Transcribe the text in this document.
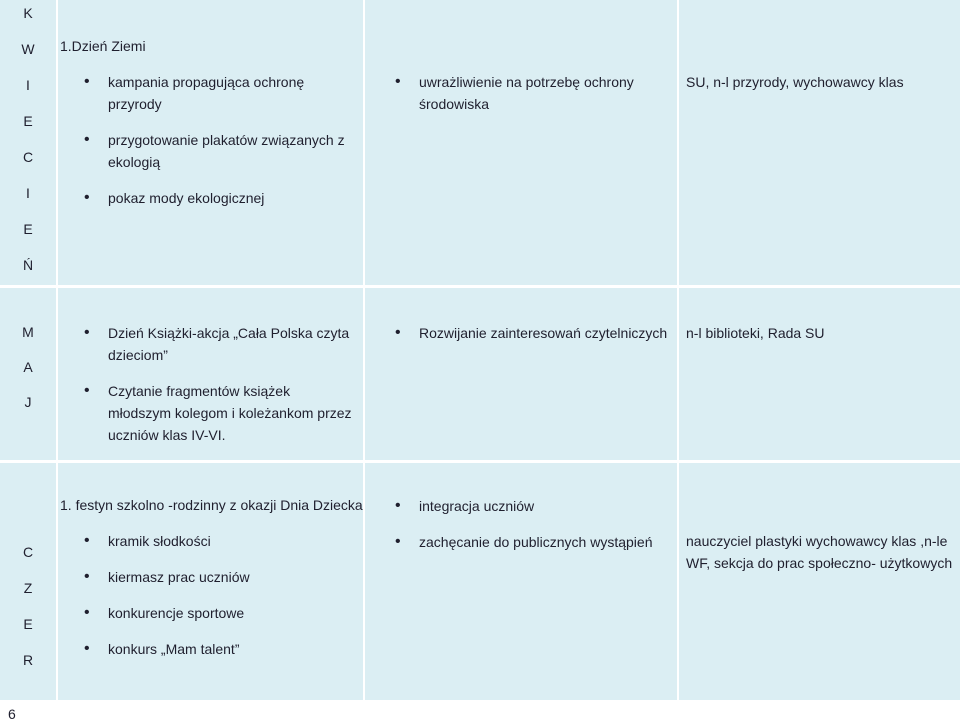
K
W
I
E
C
I
E
Ń
1.Dzień Ziemi
• kampania propagująca ochronę przyrody
• przygotowanie plakatów związanych z ekologią
• pokaz mody ekologicznej
• uwrażliwienie na potrzebę ochrony środowiska
SU, n-l przyrody, wychowawcy klas
M
A
J
• Dzień Książki-akcja „Cała Polska czyta dzieciom”
• Czytanie fragmentów książek młodszym kolegom i koleżankom przez uczniów klas IV-VI.
• Rozwijanie zainteresowań czytelniczych	n-l biblioteki, Rada SU
C
Z
E
R
1. festyn szkolno -rodzinny z okazji Dnia Dziecka
• kramik słodkości
• kiermasz prac uczniów
• konkurencje sportowe
• konkurs „Mam talent”
• integracja uczniów
• zachęcanie do publicznych wystąpień	nauczyciel plastyki wychowawcy klas ,n-le WF, sekcja do prac społeczno- użytkowych
6
